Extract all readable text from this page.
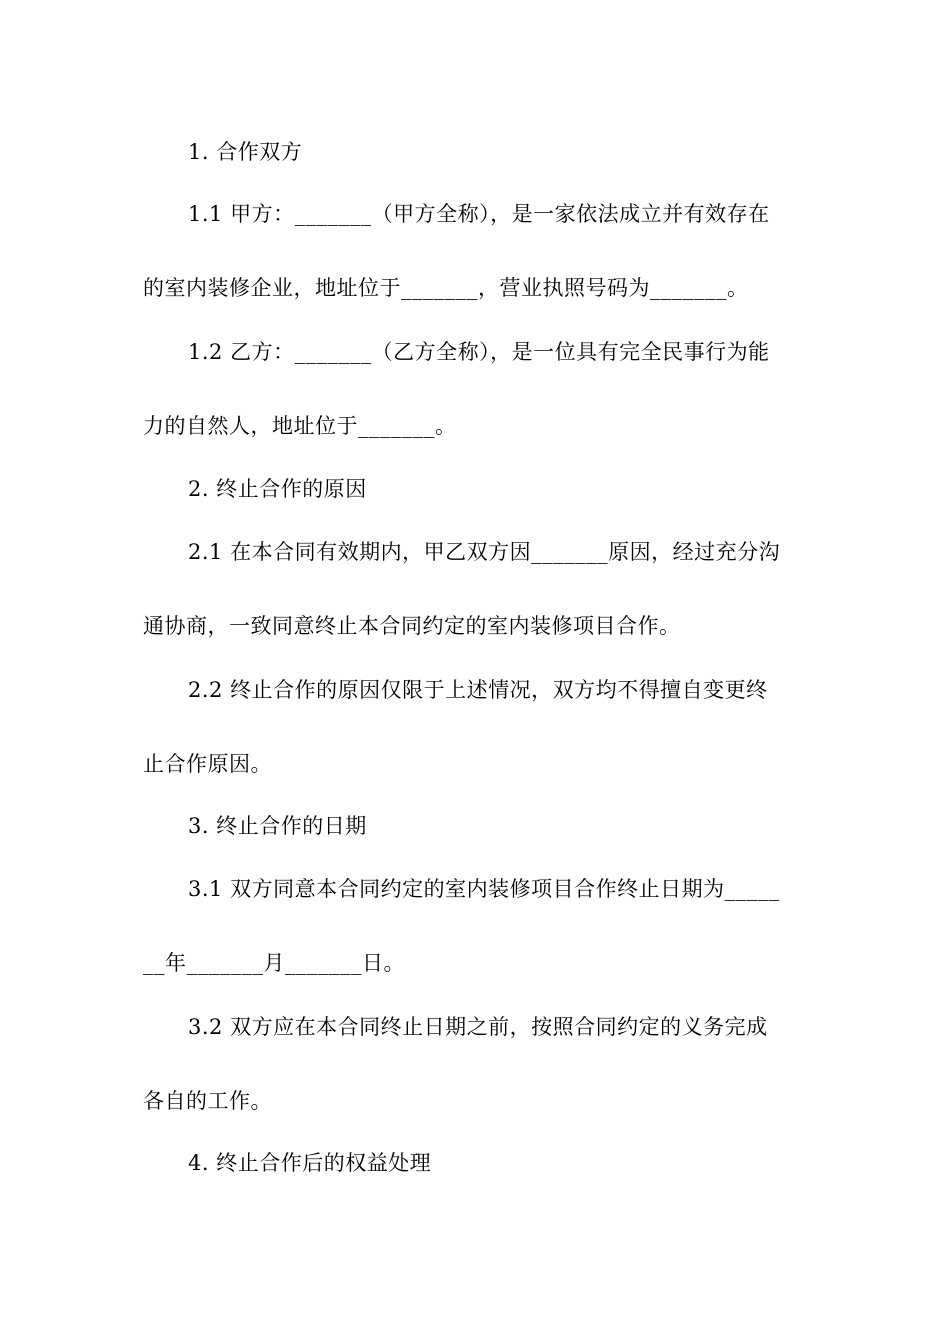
1. 合作双方
1.1 甲方：_______（甲方全称），是一家依法成立并有效存在
的室内装修企业，地址位于_______，营业执照号码为_______。
1.2 乙方：_______（乙方全称），是一位具有完全民事行为能
力的自然人，地址位于_______。
2. 终止合作的原因
2.1 在本合同有效期内，甲乙双方因_______原因，经过充分沟
通协商，一致同意终止本合同约定的室内装修项目合作。
2.2 终止合作的原因仅限于上述情况，双方均不得擅自变更终
止合作原因。
3. 终止合作的日期
3.1 双方同意本合同约定的室内装修项目合作终止日期为_____
__年_______月_______日。
3.2 双方应在本合同终止日期之前，按照合同约定的义务完成
各自的工作。
4. 终止合作后的权益处理
